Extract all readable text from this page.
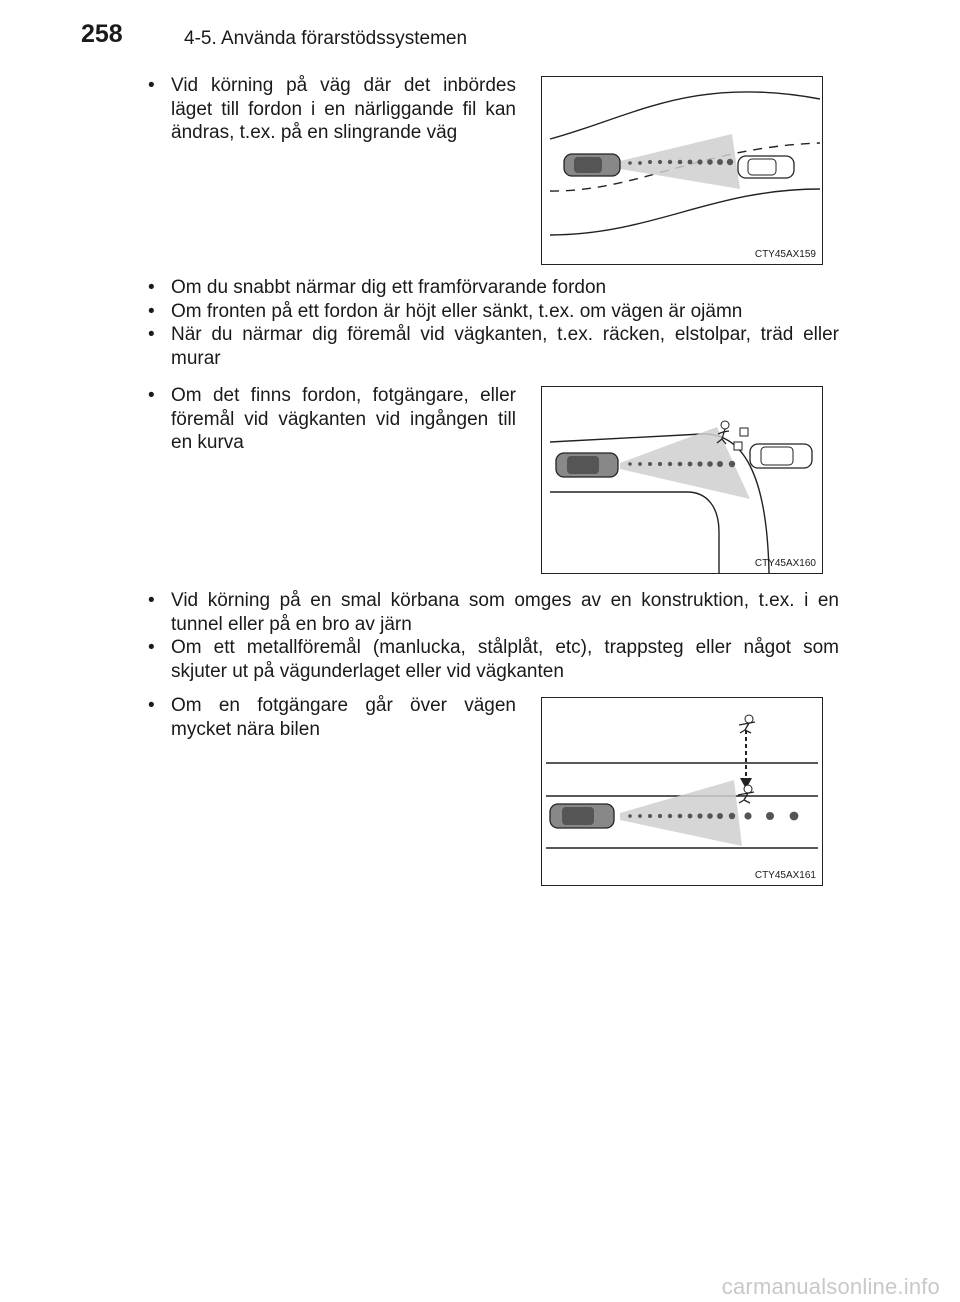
258	4-5. Använda förarstödssystemen
• Vid körning på väg där det inbördes läget till fordon i en närliggande fil kan ändras, t.ex. på en slingrande väg
CTY45AX159
• Om du snabbt närmar dig ett framförvarande fordon
• Om fronten på ett fordon är höjt eller sänkt, t.ex. om vägen är ojämn
• När du närmar dig föremål vid vägkanten, t.ex. räcken, elstolpar, träd eller murar
• Om det finns fordon, fotgängare, eller föremål vid vägkanten vid ingången till en kurva
CTY45AX160
• Vid körning på en smal körbana som omges av en konstruktion, t.ex. i en tunnel eller på en bro av järn
• Om ett metallföremål (manlucka, stålplåt, etc), trappsteg eller något som skjuter ut på vägunderlaget eller vid vägkanten
• Om en fotgängare går över vägen mycket nära bilen
CTY45AX161
carmanualsonline.info
